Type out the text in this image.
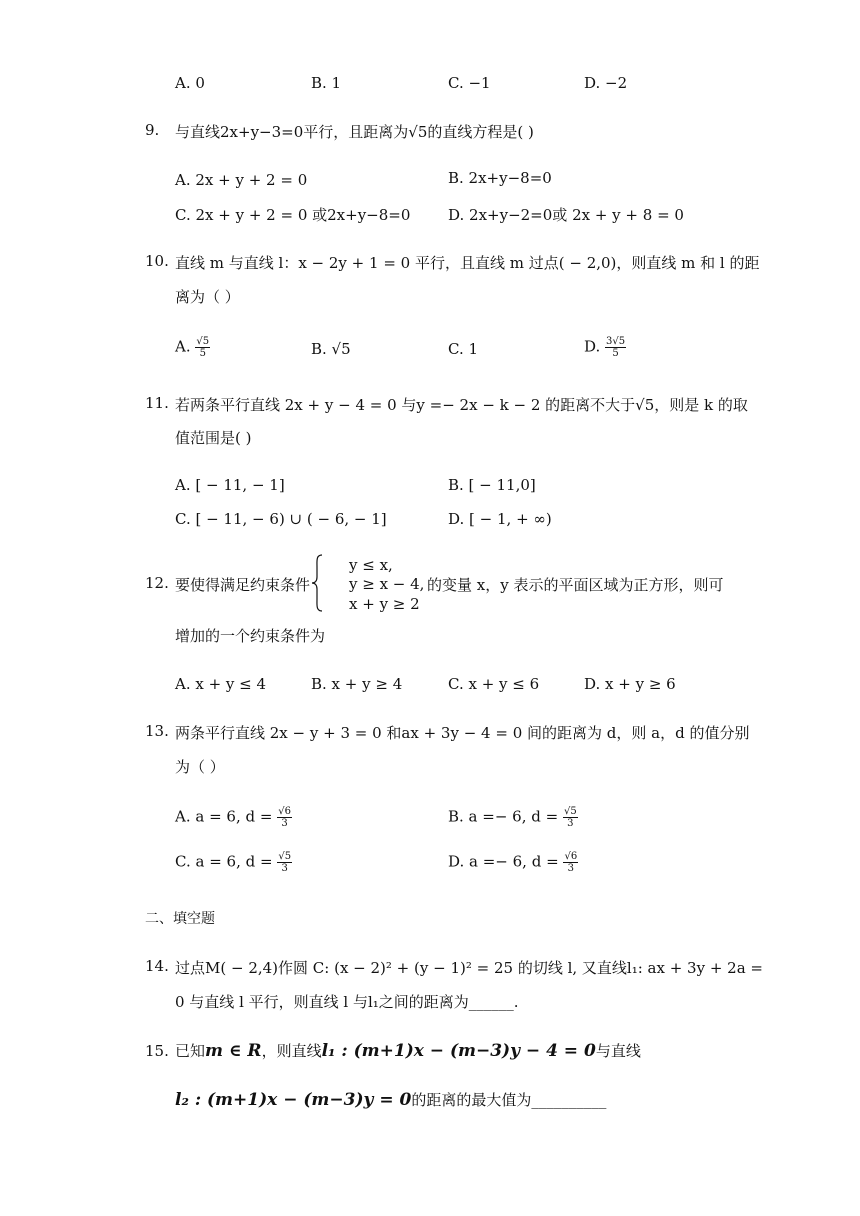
A. 0	B. 1	C. −1	D. −2
9. 与直线2x+y−3=0平行，且距离为√5的直线方程是( )
A. 2x + y + 2 = 0	B. 2x+y−8=0
C. 2x + y + 2 = 0 或2x+y−8=0	D. 2x+y−2=0或 2x + y + 8 = 0
10. 直线 m 与直线 l：x − 2y + 1 = 0 平行，且直线 m 过点( − 2,0)，则直线 m 和 l 的距
离为（ ）
A. $\frac{√5}{5}$	B. √5	C. 1	D. $\frac{3√5}{5}$
11. 若两条平行直线 2x + y − 4 = 0 与y =− 2x − k − 2 的距离不大于√5，则是 k 的取
值范围是( )
A. [ − 11, − 1]	B. [ − 11,0]
C. [ − 11, − 6) ∪ ( − 6, − 1]	D. [ − 1, + ∞)
12. 要使得满足约束条件
y ≤ x,
y ≥ x − 4,
x + y ≥ 2
的变量 x，y 表示的平面区域为正方形，则可
增加的一个约束条件为
A. x + y ≤ 4	B. x + y ≥ 4	C. x + y ≤ 6	D. x + y ≥ 6
13. 两条平行直线 2x − y + 3 = 0 和ax + 3y − 4 = 0 间的距离为 d，则 a，d 的值分别
为（ ）
A. a = 6, $d = \frac{√6}{3}$	B. a =− 6, $d = \frac{√5}{3}$
C. a = 6, $d = \frac{√5}{3}$	D. a =− 6, $d = \frac{√6}{3}$
二、填空题
14. 过点M( − 2,4)作圆 C: (x − 2)² + (y − 1)² = 25 的切线 l, 又直线l₁: ax + 3y + 2a =
0 与直线 l 平行，则直线 l 与l₁之间的距离为______.
15. 已知m ∈ R，则直线l₁ : (m+1)x − (m−3)y − 4 = 0与直线
l₂ : (m+1)x − (m−3)y = 0的距离的最大值为__________
